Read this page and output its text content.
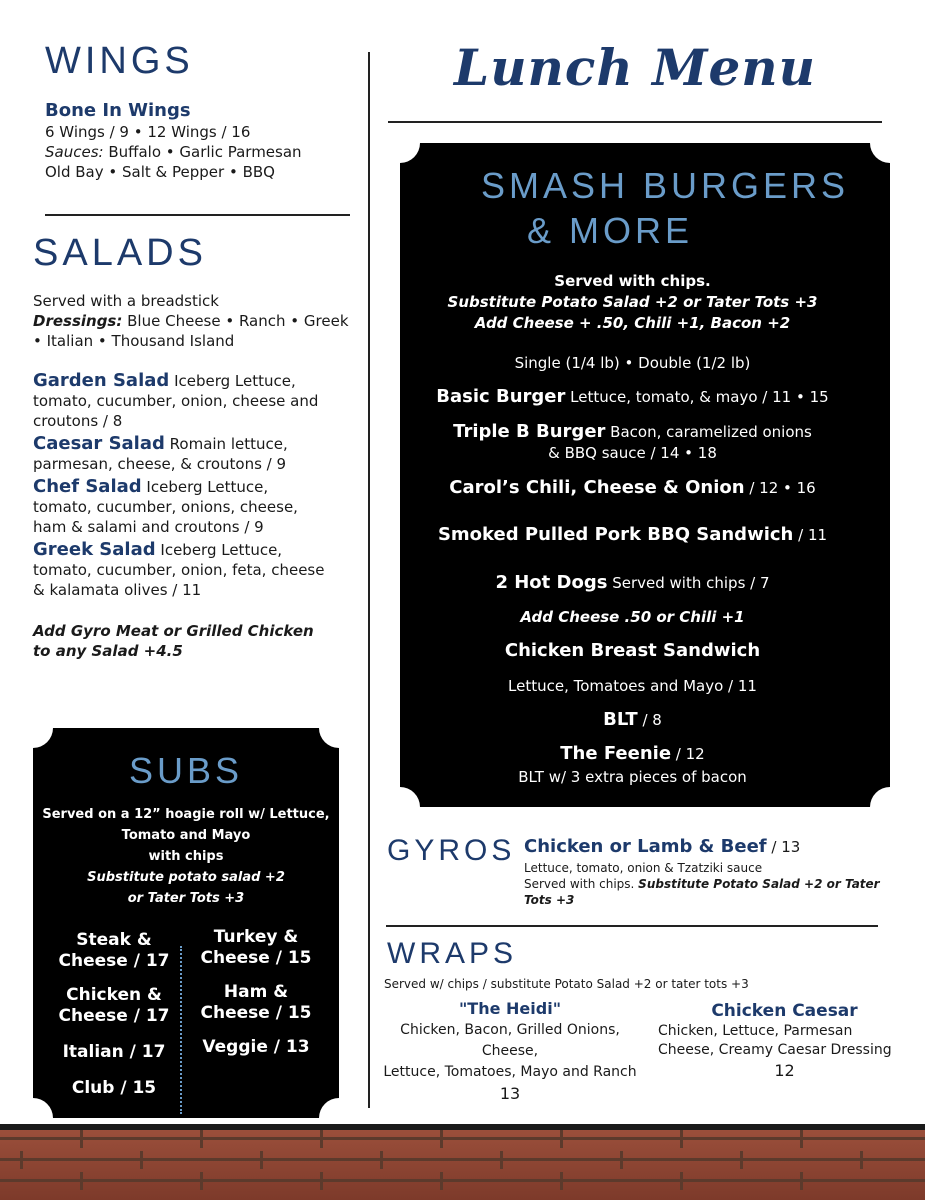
WINGS
Bone In Wings
6 Wings / 9 • 12 Wings / 16
Sauces: Buffalo • Garlic Parmesan
Old Bay • Salt & Pepper • BBQ
SALADS
Served with a breadstick
Dressings: Blue Cheese • Ranch • Greek
• Italian • Thousand Island
Garden Salad Iceberg Lettuce,
tomato, cucumber, onion, cheese and
croutons / 8
Caesar Salad Romain lettuce,
parmesan, cheese, & croutons / 9
Chef Salad Iceberg Lettuce,
tomato, cucumber, onions, cheese,
ham & salami and croutons / 9
Greek Salad Iceberg Lettuce,
tomato, cucumber, onion, feta, cheese
& kalamata olives / 11
Add Gyro Meat or Grilled Chicken
to any Salad +4.5
SUBS
Served on a 12” hoagie roll w/ Lettuce,
Tomato and Mayo
with chips
Substitute potato salad +2
or Tater Tots +3
Steak &
Cheese / 17
Chicken &
Cheese / 17
Italian / 17
Club / 15
Turkey &
Cheese / 15
Ham &
Cheese / 15
Veggie / 13
Lunch Menu
SMASH BURGERS
& MORE
Served with chips.
Substitute Potato Salad +2 or Tater Tots +3
Add Cheese + .50, Chili +1, Bacon +2
Single (1/4 lb) • Double (1/2 lb)
Basic Burger Lettuce, tomato, & mayo / 11 • 15
Triple B Burger Bacon, caramelized onions
& BBQ sauce / 14 • 18
Carol’s Chili, Cheese & Onion / 12 • 16
Smoked Pulled Pork BBQ Sandwich / 11
2 Hot Dogs Served with chips / 7
Add Cheese .50 or Chili +1
Chicken Breast Sandwich
Lettuce, Tomatoes and Mayo / 11
BLT / 8
The Feenie / 12
BLT w/ 3 extra pieces of bacon
GYROS Chicken or Lamb & Beef / 13
Lettuce, tomato, onion & Tzatziki sauce
Served with chips. Substitute Potato Salad +2 or Tater
Tots +3
WRAPS
Served w/ chips / substitute Potato Salad +2 or tater tots +3
"The Heidi"
Chicken, Bacon, Grilled Onions, Cheese,
Lettuce, Tomatoes, Mayo and Ranch
13
Chicken Caesar
Chicken, Lettuce, Parmesan
Cheese, Creamy Caesar Dressing
12
